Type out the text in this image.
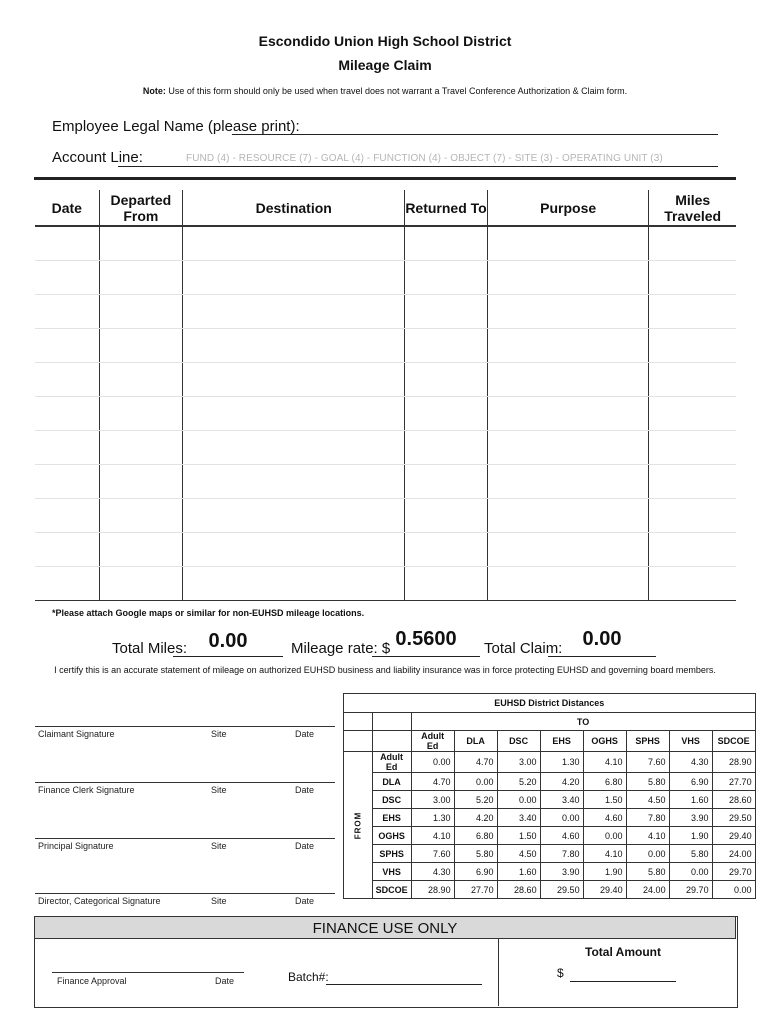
Escondido Union High School District
Mileage Claim
Note: Use of this form should only be used when travel does not warrant a Travel Conference Authorization & Claim form.
Employee Legal Name (please print):
Account Line:	FUND (4) - RESOURCE (7) - GOAL (4) - FUNCTION (4) - OBJECT (7) - SITE (3) - OPERATING UNIT (3)
Date	Departed From	Destination	Returned To	Purpose	Miles Traveled

*Please attach Google maps or similar for non-EUHSD mileage locations.
Total Miles:	0.00	Mileage rate: $ 0.5600	Total Claim:	0.00
I certify this is an accurate statement of mileage on authorized EUHSD business and liability insurance was in force protecting EUHSD and governing board members.
Claimant Signature	Site	Date
Finance Clerk Signature	Site	Date
Principal Signature	Site	Date
Director, Categorical Signature	Site	Date
EUHSD District Distances									
		TO							
		Adult Ed	DLA	DSC	EHS	OGHS	SPHS	VHS	SDCOE
FROM	Adult Ed	0.00	4.70	3.00	1.30	4.10	7.60	4.30	28.90
	DLA	4.70	0.00	5.20	4.20	6.80	5.80	6.90	27.70
	DSC	3.00	5.20	0.00	3.40	1.50	4.50	1.60	28.60
	EHS	1.30	4.20	3.40	0.00	4.60	7.80	3.90	29.50
	OGHS	4.10	6.80	1.50	4.60	0.00	4.10	1.90	29.40
	SPHS	7.60	5.80	4.50	7.80	4.10	0.00	5.80	24.00
	VHS	4.30	6.90	1.60	3.90	1.90	5.80	0.00	29.70
	SDCOE	28.90	27.70	28.60	29.50	29.40	24.00	29.70	0.00
FINANCE USE ONLY
Finance Approval	Date	Batch#:
Total Amount
$
